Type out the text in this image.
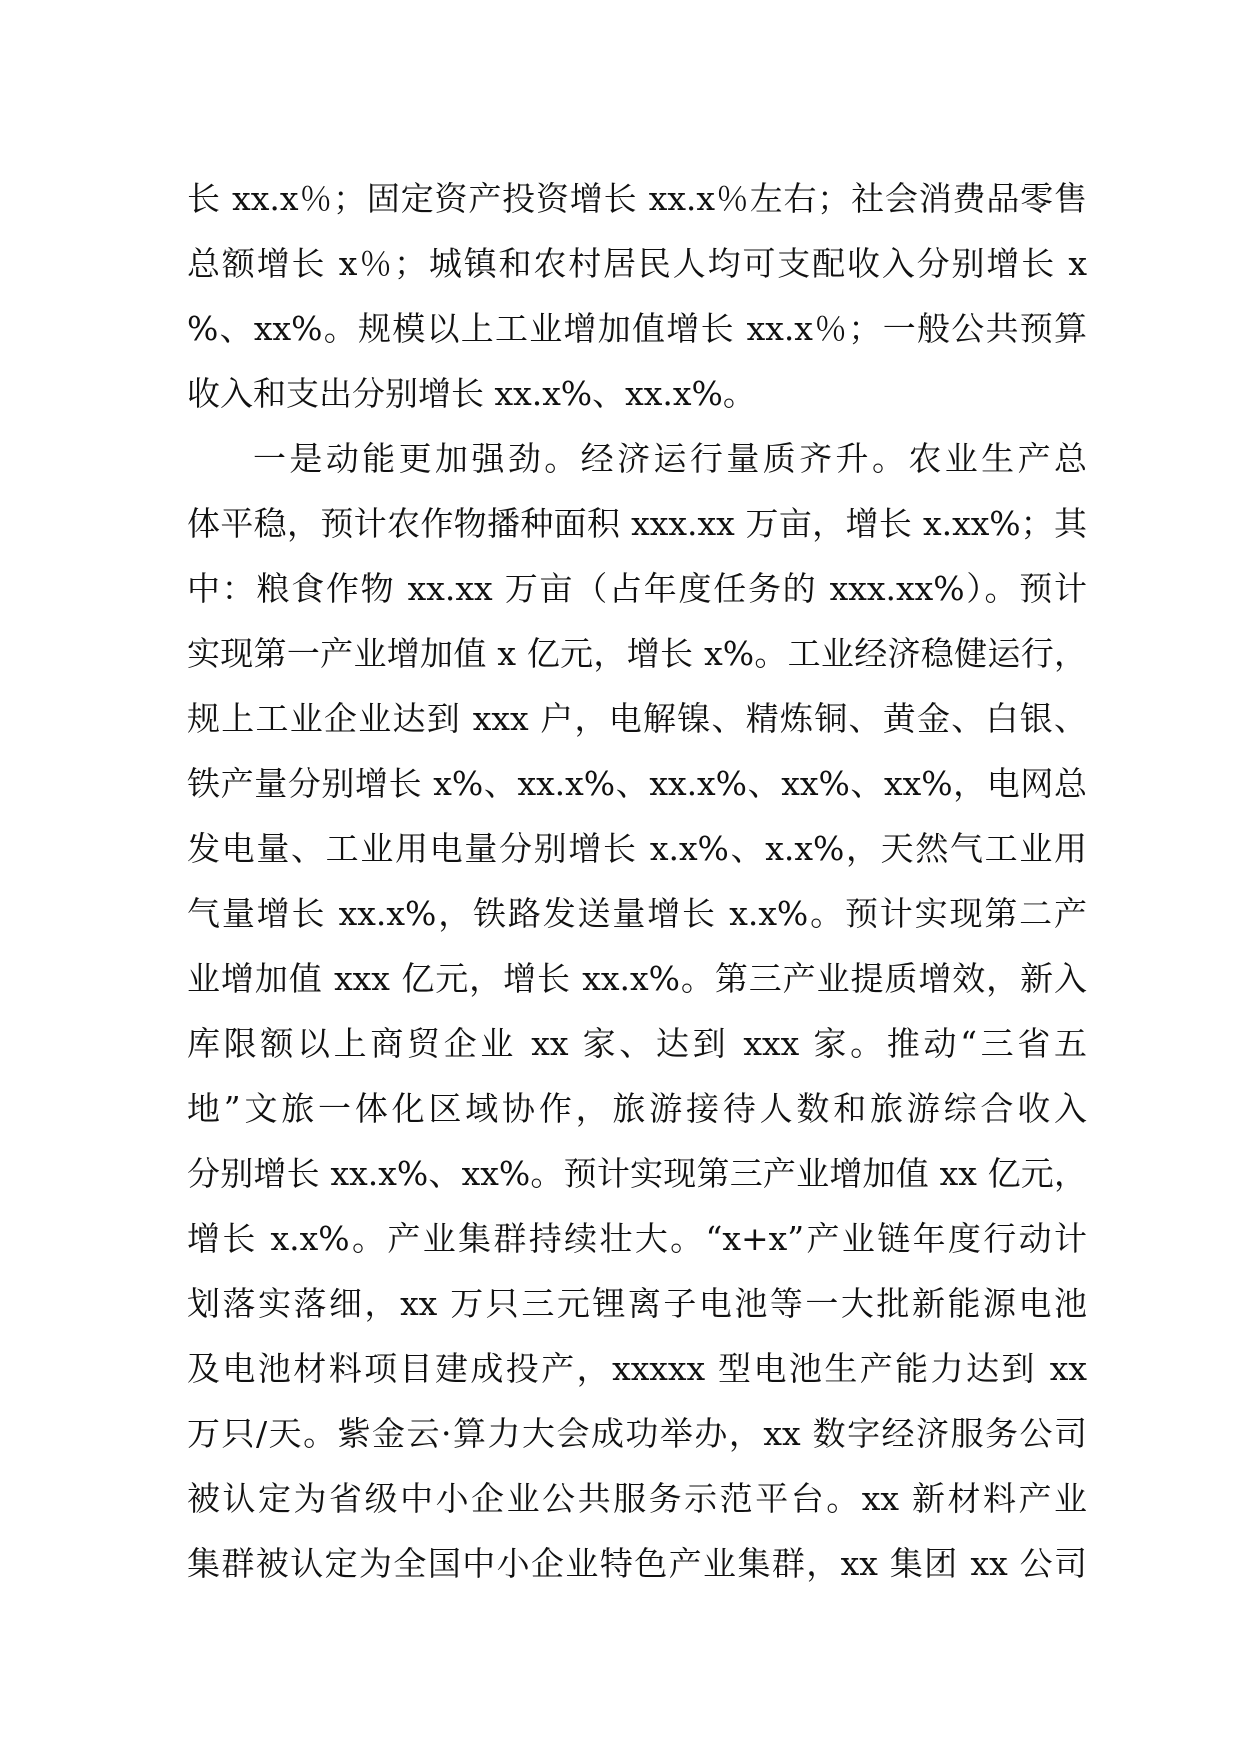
长 xx.x％；固定资产投资增长 xx.x％左右；社会消费品零售
总额增长 x％；城镇和农村居民人均可支配收入分别增长 x
%、xx%。规模以上工业增加值增长 xx.x％；一般公共预算
收入和支出分别增长 xx.x%、xx.x%。
一是动能更加强劲。经济运行量质齐升。农业生产总
体平稳，预计农作物播种面积 xxx.xx 万亩，增长 x.xx%；其
中：粮食作物 xx.xx 万亩（占年度任务的 xxx.xx%）。预计
实现第一产业增加值 x 亿元，增长 x%。工业经济稳健运行，
规上工业企业达到 xxx 户，电解镍、精炼铜、黄金、白银、
铁产量分别增长 x%、xx.x%、xx.x%、xx%、xx%，电网总
发电量、工业用电量分别增长 x.x%、x.x%，天然气工业用
气量增长 xx.x%，铁路发送量增长 x.x%。预计实现第二产
业增加值 xxx 亿元，增长 xx.x%。第三产业提质增效，新入
库限额以上商贸企业 xx 家、达到 xxx 家。推动“三省五
地”文旅一体化区域协作，旅游接待人数和旅游综合收入
分别增长 xx.x%、xx%。预计实现第三产业增加值 xx 亿元，
增长 x.x%。产业集群持续壮大。“x+x”产业链年度行动计
划落实落细，xx 万只三元锂离子电池等一大批新能源电池
及电池材料项目建成投产，xxxxx 型电池生产能力达到 xx
万只/天。紫金云·算力大会成功举办，xx 数字经济服务公司
被认定为省级中小企业公共服务示范平台。xx 新材料产业
集群被认定为全国中小企业特色产业集群，xx 集团 xx 公司
